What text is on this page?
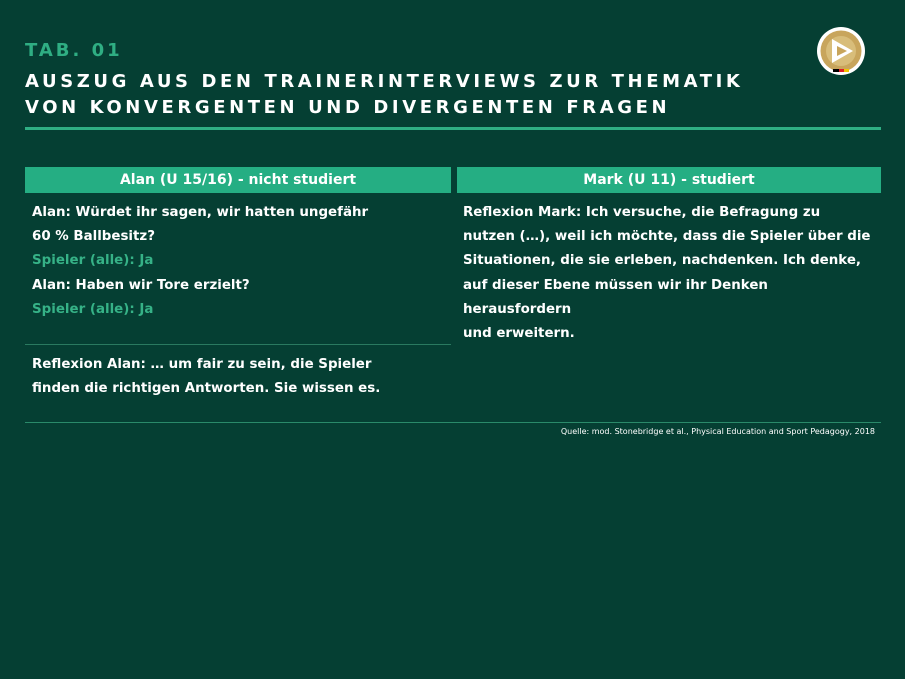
TAB. 01
AUSZUG AUS DEN TRAINERINTERVIEWS ZUR THEMATIK
VON KONVERGENTEN UND DIVERGENTEN FRAGEN
Alan (U 15/16) - nicht studiert	Mark (U 11) - studiert
Alan: Würdet ihr sagen, wir hatten ungefähr
60 % Ballbesitz?
Spieler (alle): Ja
Alan: Haben wir Tore erzielt?
Spieler (alle): Ja
Reflexion Alan: … um fair zu sein, die Spieler
finden die richtigen Antworten. Sie wissen es.
Reflexion Mark: Ich versuche, die Befragung zu
nutzen (…), weil ich möchte, dass die Spieler über die
Situationen, die sie erleben, nachdenken. Ich denke,
auf dieser Ebene müssen wir ihr Denken herausfordern
und erweitern.
Quelle: mod. Stonebridge et al., Physical Education and Sport Pedagogy, 2018
